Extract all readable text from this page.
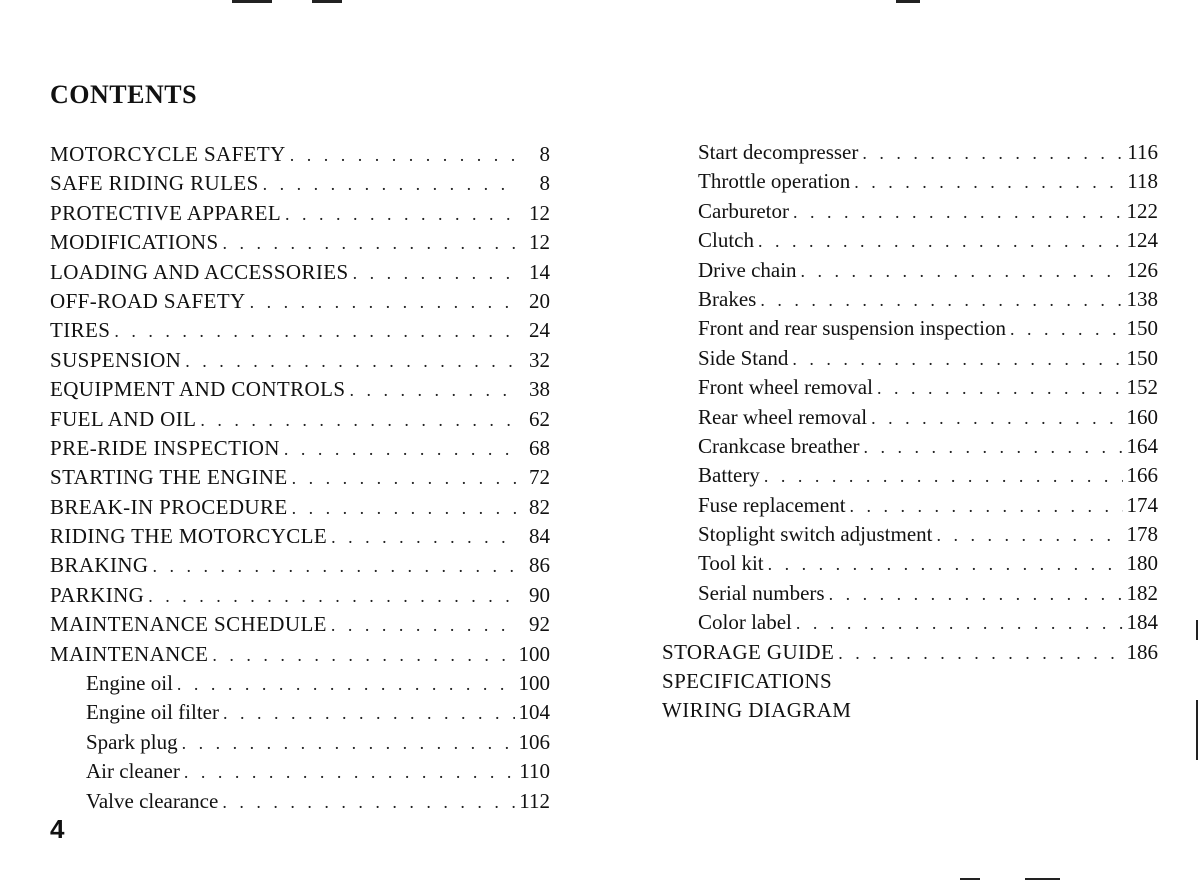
CONTENTS
MOTORCYCLE SAFETY . . .	8
SAFE RIDING RULES . . .	8
PROTECTIVE APPAREL . . .	12
MODIFICATIONS . . .	12
LOADING AND ACCESSORIES . . .	14
OFF-ROAD SAFETY . . .	20
TIRES . . .	24
SUSPENSION . . .	32
EQUIPMENT AND CONTROLS . . .	38
FUEL AND OIL . . .	62
PRE-RIDE INSPECTION . . .	68
STARTING THE ENGINE . . .	72
BREAK-IN PROCEDURE . . .	82
RIDING THE MOTORCYCLE . . .	84
BRAKING . . .	86
PARKING . . .	90
MAINTENANCE SCHEDULE . . .	92
MAINTENANCE . . .	100
Engine oil . . .	100
Engine oil filter . . .	104
Spark plug . . .	106
Air cleaner . . .	110
Valve clearance . . .	112
Start decompresser . . .	116
Throttle operation . . .	118
Carburetor . . .	122
Clutch . . .	124
Drive chain . . .	126
Brakes . . .	138
Front and rear suspension inspection . . .	150
Side Stand . . .	150
Front wheel removal . . .	152
Rear wheel removal . . .	160
Crankcase breather . . .	164
Battery . . .	166
Fuse replacement . . .	174
Stoplight switch adjustment . . .	178
Tool kit . . .	180
Serial numbers . . .	182
Color label . . .	184
STORAGE GUIDE . . .	186
SPECIFICATIONS
WIRING DIAGRAM
4
